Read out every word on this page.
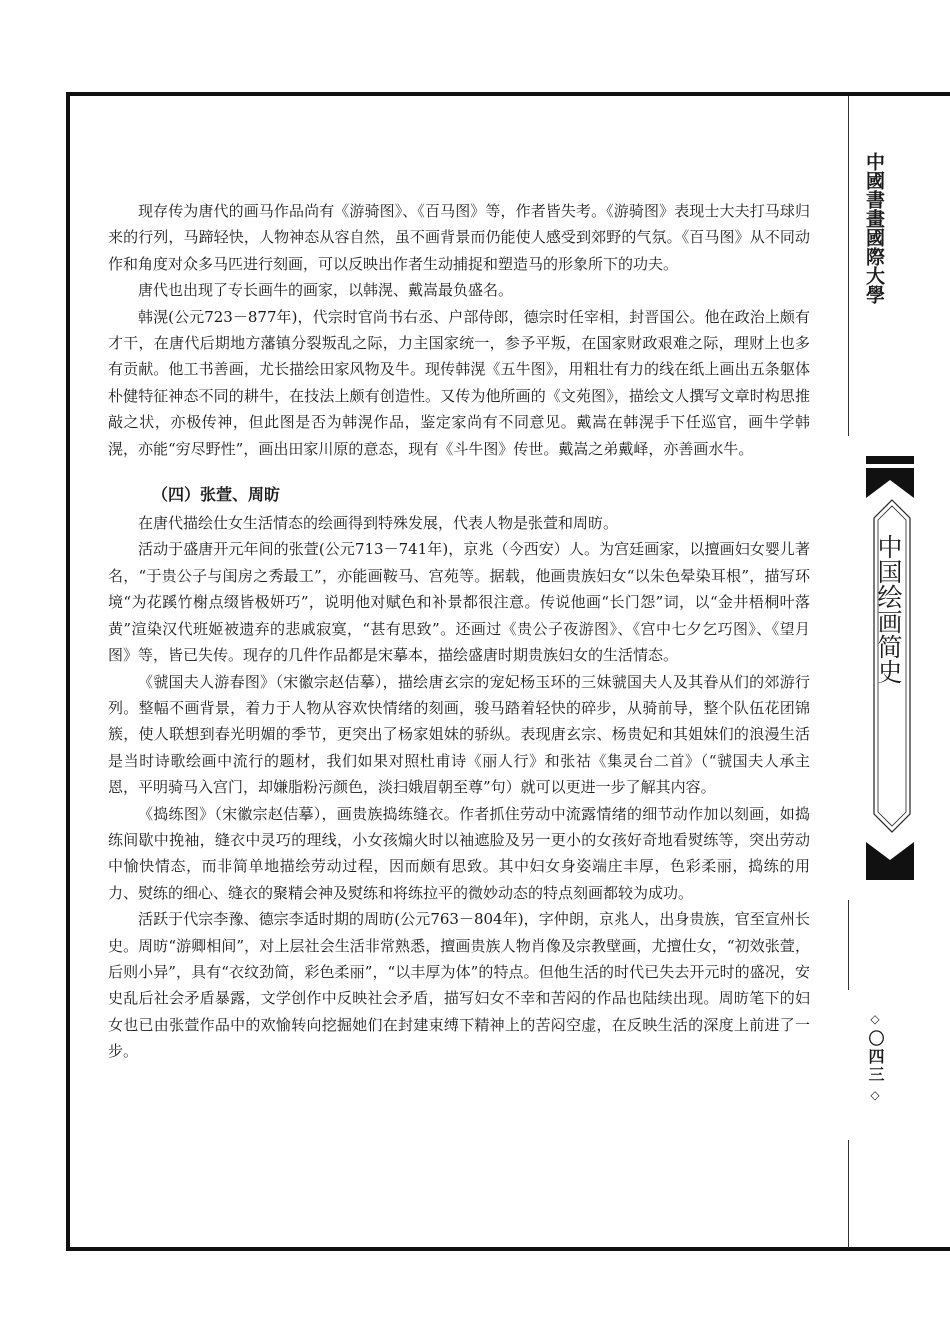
中國書畫國際大學
中国绘画简史
◇
〇四三
◇

现存传为唐代的画马作品尚有《游骑图》、《百马图》等，作者皆失考。《游骑图》表现士大夫打马球归来的行列，马蹄轻快，人物神态从容自然，虽不画背景而仍能使人感受到郊野的气氛。《百马图》从不同动作和角度对众多马匹进行刻画，可以反映出作者生动捕捉和塑造马的形象所下的功夫。

唐代也出现了专长画牛的画家，以韩滉、戴嵩最负盛名。

韩滉(公元723－877年)，代宗时官尚书右丞、户部侍郎，德宗时任宰相，封晋国公。他在政治上颇有才干，在唐代后期地方藩镇分裂叛乱之际，力主国家统一，参予平叛，在国家财政艰难之际，理财上也多有贡献。他工书善画，尤长描绘田家风物及牛。现传韩滉《五牛图》，用粗壮有力的线在纸上画出五条躯体朴健特征神态不同的耕牛，在技法上颇有创造性。又传为他所画的《文苑图》，描绘文人撰写文章时构思推敲之状，亦极传神，但此图是否为韩滉作品，鉴定家尚有不同意见。戴嵩在韩滉手下任巡官，画牛学韩滉，亦能“穷尽野性”，画出田家川原的意态，现有《斗牛图》传世。戴嵩之弟戴峄，亦善画水牛。

（四）张萱、周昉

在唐代描绘仕女生活情态的绘画得到特殊发展，代表人物是张萱和周昉。

活动于盛唐开元年间的张萱(公元713－741年)，京兆（今西安）人。为宫廷画家，以擅画妇女婴儿著名，“于贵公子与闺房之秀最工”，亦能画鞍马、宫苑等。据载，他画贵族妇女“以朱色晕染耳根”，描写环境“为花蹊竹榭点缀皆极妍巧”，说明他对赋色和补景都很注意。传说他画“长门怨”词，以“金井梧桐叶落黄”渲染汉代班姬被遗弃的悲戚寂寞，“甚有思致”。还画过《贵公子夜游图》、《宫中七夕乞巧图》、《望月图》等，皆已失传。现存的几件作品都是宋摹本，描绘盛唐时期贵族妇女的生活情态。

《虢国夫人游春图》（宋徽宗赵佶摹），描绘唐玄宗的宠妃杨玉环的三妹虢国夫人及其眷从们的郊游行列。整幅不画背景，着力于人物从容欢快情绪的刻画，骏马踏着轻快的碎步，从骑前导，整个队伍花团锦簇，使人联想到春光明媚的季节，更突出了杨家姐妹的骄纵。表现唐玄宗、杨贵妃和其姐妹们的浪漫生活是当时诗歌绘画中流行的题材，我们如果对照杜甫诗《丽人行》和张祜《集灵台二首》（“虢国夫人承主恩，平明骑马入宫门，却嫌脂粉污颜色，淡扫娥眉朝至尊”句）就可以更进一步了解其内容。

《捣练图》（宋徽宗赵佶摹），画贵族捣练缝衣。作者抓住劳动中流露情绪的细节动作加以刻画，如捣练间歇中挽袖，缝衣中灵巧的理线，小女孩煽火时以袖遮脸及另一更小的女孩好奇地看熨练等，突出劳动中愉快情态，而非简单地描绘劳动过程，因而颇有思致。其中妇女身姿端庄丰厚，色彩柔丽，捣练的用力、熨练的细心、缝衣的聚精会神及熨练和将练拉平的微妙动态的特点刻画都较为成功。

活跃于代宗李豫、德宗李适时期的周昉(公元763－804年)，字仲朗，京兆人，出身贵族，官至宣州长史。周昉“游卿相间”，对上层社会生活非常熟悉，擅画贵族人物肖像及宗教壁画，尤擅仕女，“初效张萱，后则小异”，具有“衣纹劲简，彩色柔丽”，“以丰厚为体”的特点。但他生活的时代已失去开元时的盛况，安史乱后社会矛盾暴露，文学创作中反映社会矛盾，描写妇女不幸和苦闷的作品也陆续出现。周昉笔下的妇女也已由张萱作品中的欢愉转向挖掘她们在封建束缚下精神上的苦闷空虚，在反映生活的深度上前进了一步。
